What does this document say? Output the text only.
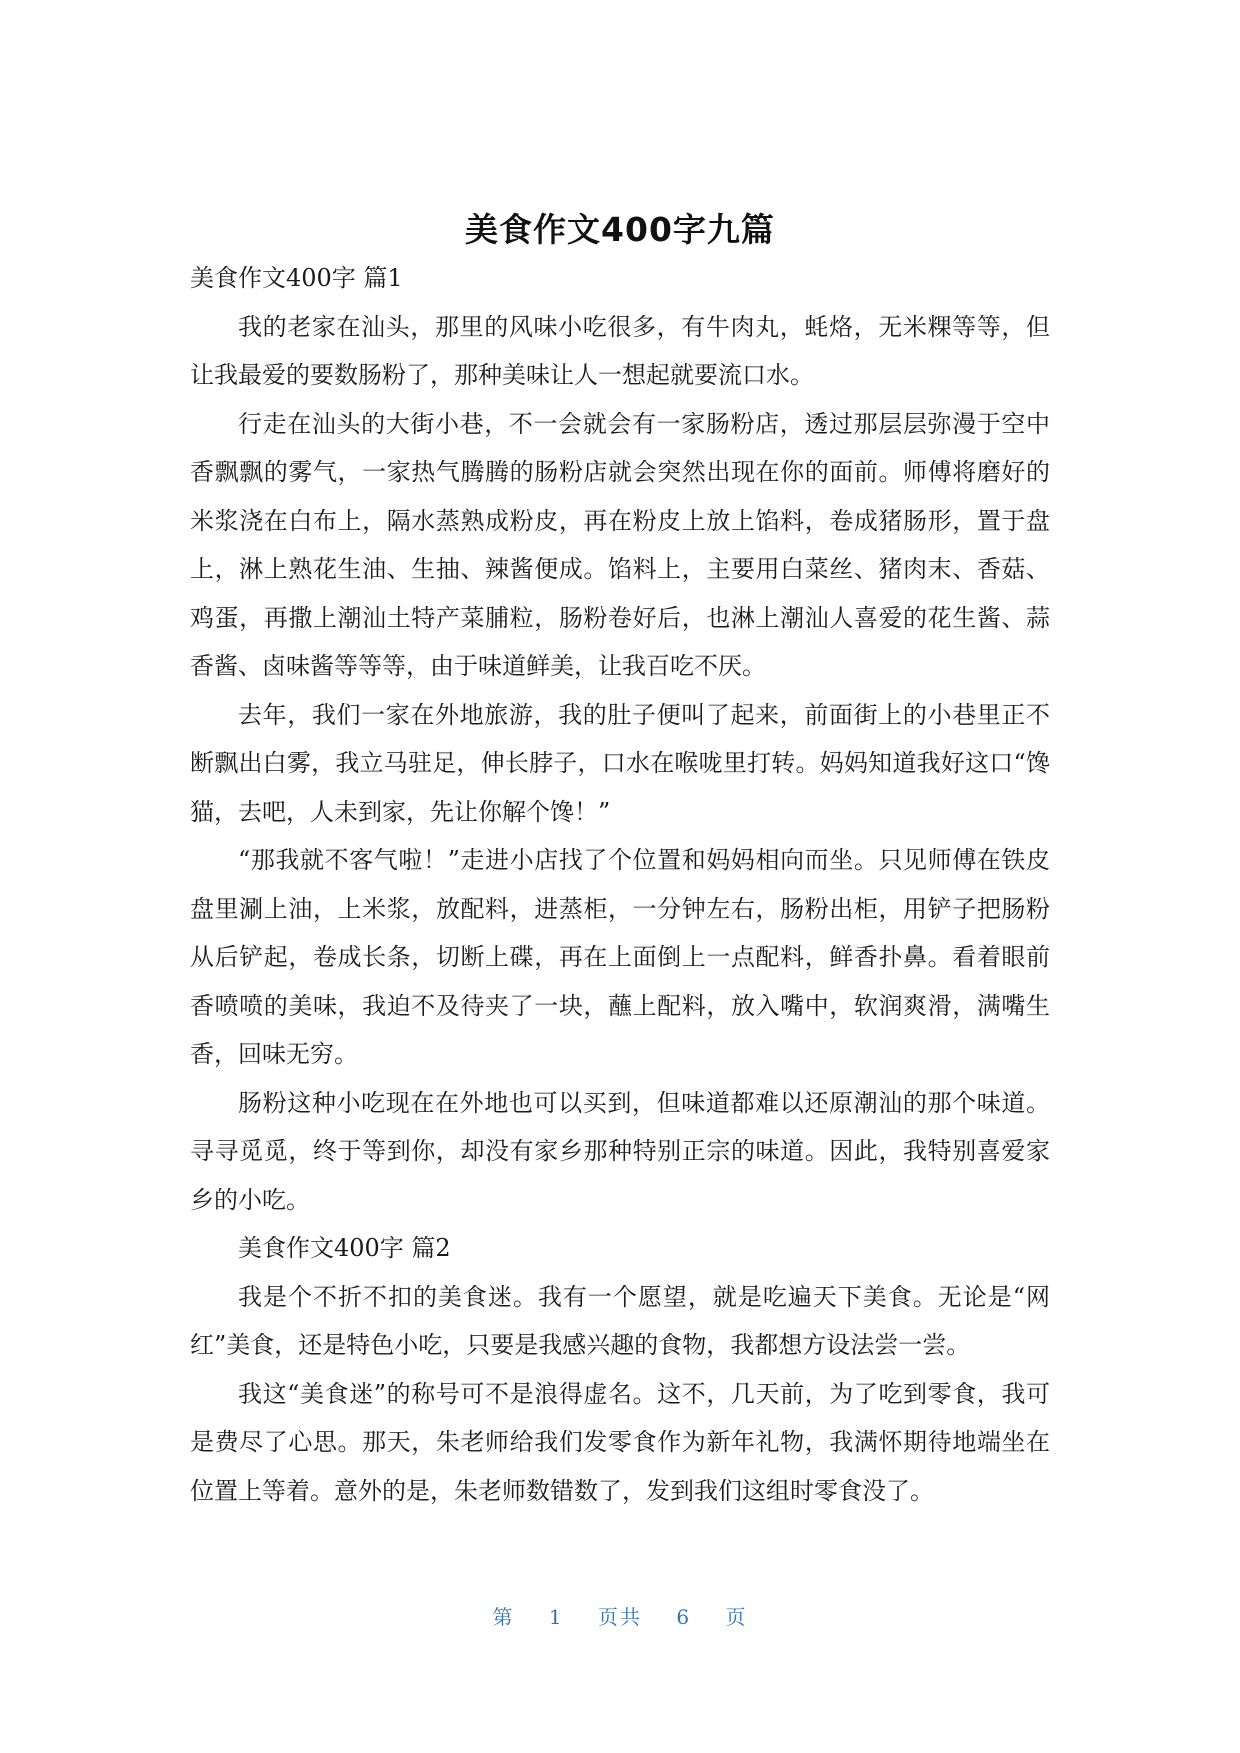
美食作文400字九篇

美食作文400字 篇1

我的老家在汕头，那里的风味小吃很多，有牛肉丸，蚝烙，无米粿等等，但让我最爱的要数肠粉了，那种美味让人一想起就要流口水。

行走在汕头的大街小巷，不一会就会有一家肠粉店，透过那层层弥漫于空中香飘飘的雾气，一家热气腾腾的肠粉店就会突然出现在你的面前。师傅将磨好的米浆浇在白布上，隔水蒸熟成粉皮，再在粉皮上放上馅料，卷成猪肠形，置于盘上，淋上熟花生油、生抽、辣酱便成。馅料上，主要用白菜丝、猪肉末、香菇、鸡蛋，再撒上潮汕土特产菜脯粒，肠粉卷好后，也淋上潮汕人喜爱的花生酱、蒜香酱、卤味酱等等等，由于味道鲜美，让我百吃不厌。

去年，我们一家在外地旅游，我的肚子便叫了起来，前面街上的小巷里正不断飘出白雾，我立马驻足，伸长脖子，口水在喉咙里打转。妈妈知道我好这口“馋猫，去吧，人未到家，先让你解个馋！”

“那我就不客气啦！”走进小店找了个位置和妈妈相向而坐。只见师傅在铁皮盘里涮上油，上米浆，放配料，进蒸柜，一分钟左右，肠粉出柜，用铲子把肠粉从后铲起，卷成长条，切断上碟，再在上面倒上一点配料，鲜香扑鼻。看着眼前香喷喷的美味，我迫不及待夹了一块，蘸上配料，放入嘴中，软润爽滑，满嘴生香，回味无穷。

肠粉这种小吃现在在外地也可以买到，但味道都难以还原潮汕的那个味道。寻寻觅觅，终于等到你，却没有家乡那种特别正宗的味道。因此，我特别喜爱家乡的小吃。

美食作文400字 篇2

我是个不折不扣的美食迷。我有一个愿望，就是吃遍天下美食。无论是“网红”美食，还是特色小吃，只要是我感兴趣的食物，我都想方设法尝一尝。

我这“美食迷”的称号可不是浪得虚名。这不，几天前，为了吃到零食，我可是费尽了心思。那天，朱老师给我们发零食作为新年礼物，我满怀期待地端坐在位置上等着。意外的是，朱老师数错数了，发到我们这组时零食没了。

第 1 页共 6 页
